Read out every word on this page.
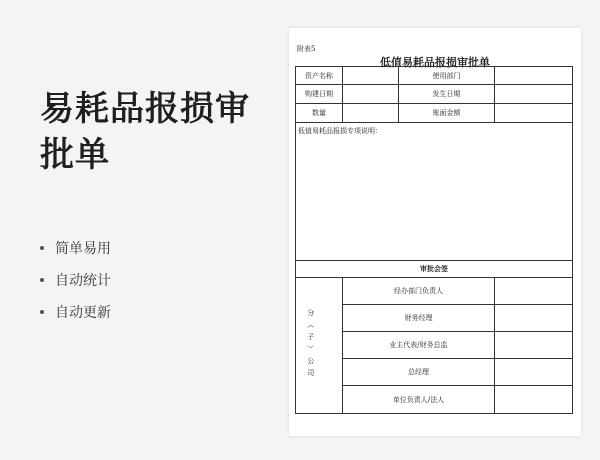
易耗品报损审批单
简单易用
自动统计
自动更新
附表5
低值易耗品报损审批单
资产名称			使用部门	
购建日期			发生日期	
数量			账面金额	
低值易耗品报损专项说明：				
审批会签				
分（子）公司		经办部门负责人		
		财务经理		
		业主代表/财务总监		
		总经理		
		单位负责人/法人		
